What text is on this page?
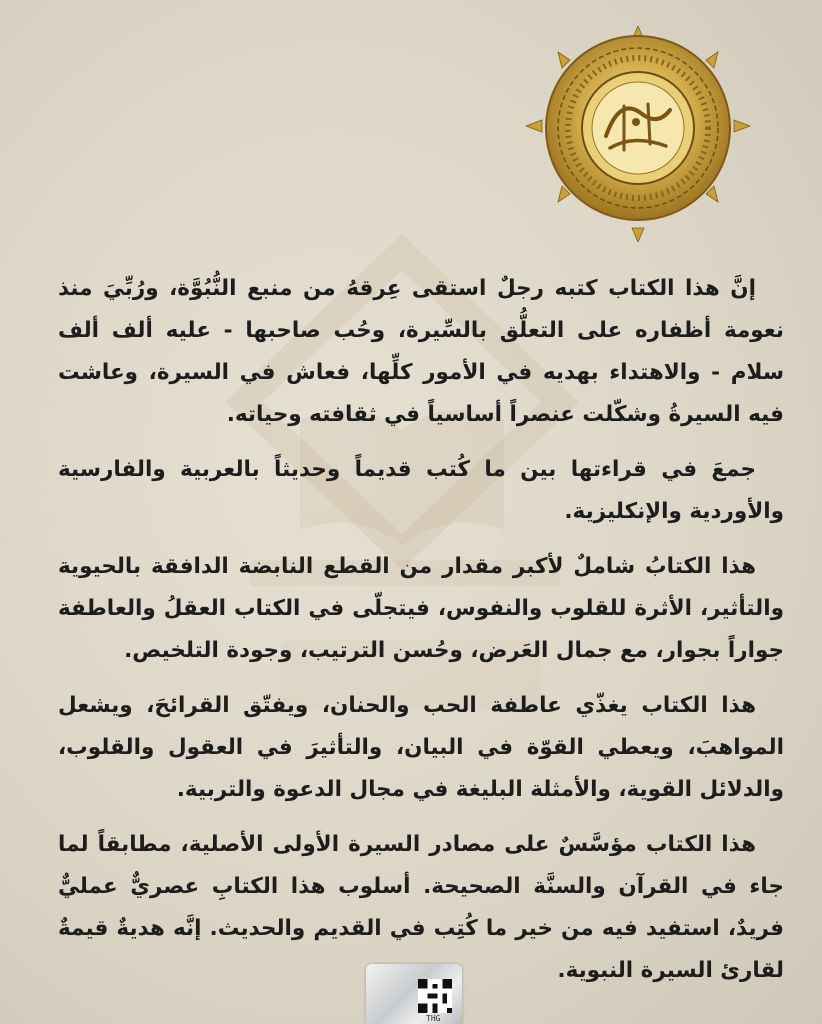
إنَّ هذا الكتاب كتبه رجلٌ استقى عِرقهُ من منبع النُّبُوَّة، ورُبِّيَ منذ نعومة أظفاره على التعلُّق بالسِّيرة، وحُب صاحبها - عليه ألف ألف سلام - والاهتداء بهديه في الأمور كلِّها، فعاش في السيرة، وعاشت فيه السيرةُ وشكّلت عنصراً أساسياً في ثقافته وحياته.

جمعَ في قراءتها بين ما كُتب قديماً وحديثاً بالعربية والفارسية والأوردية والإنكليزية.

هذا الكتابُ شاملٌ لأكبر مقدار من القطع النابضة الدافقة بالحيوية والتأثير، الأثرة للقلوب والنفوس، فيتجلّى في الكتاب العقلُ والعاطفة جواراً بجوار، مع جمال العَرض، وحُسن الترتيب، وجودة التلخيص.

هذا الكتاب يغذّي عاطفة الحب والحنان، ويفتّق القرائحَ، ويشعل المواهبَ، ويعطي القوّة في البيان، والتأثيرَ في العقول والقلوب، والدلائل القوية، والأمثلة البليغة في مجال الدعوة والتربية.

هذا الكتاب مؤسَّسٌ على مصادر السيرة الأولى الأصلية، مطابقاً لما جاء في القرآن والسنَّة الصحيحة. أسلوب هذا الكتابِ عصريٌّ عمليٌّ فريدٌ، استفيد فيه من خير ما كُتِب في القديم والحديث. إنَّه هديةٌ قيمةٌ لقارئ السيرة النبوية.

THG
